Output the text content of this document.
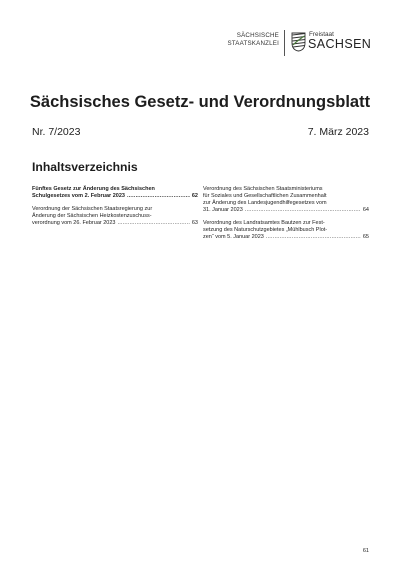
SÄCHSISCHE
STAATSKANZLEI
Freistaat
SACHSEN
Sächsisches Gesetz- und Verordnungsblatt
Nr. 7/2023	7. März 2023
Inhaltsverzeichnis
Fünftes Gesetz zur Änderung des Sächsischen
Schulgesetzes vom 2. Februar 2023 .....	62
Verordnung der Sächsischen Staatsregierung zur
Änderung der Sächsischen Heizkostenzuschuss-
verordnung vom 26. Februar 2023 .....	63
Verordnung des Sächsischen Staatsministeriums
für Soziales und Gesellschaftlichen Zusammenhalt
zur Änderung des Landesjugendhilfegesetzes vom
31. Januar 2023 .....	64
Verordnung des Landratsamtes Bautzen zur Fest-
setzung des Naturschutzgebietes „Mühlbusch Plot-
zen“ vom 5. Januar 2023 .....	65
61
